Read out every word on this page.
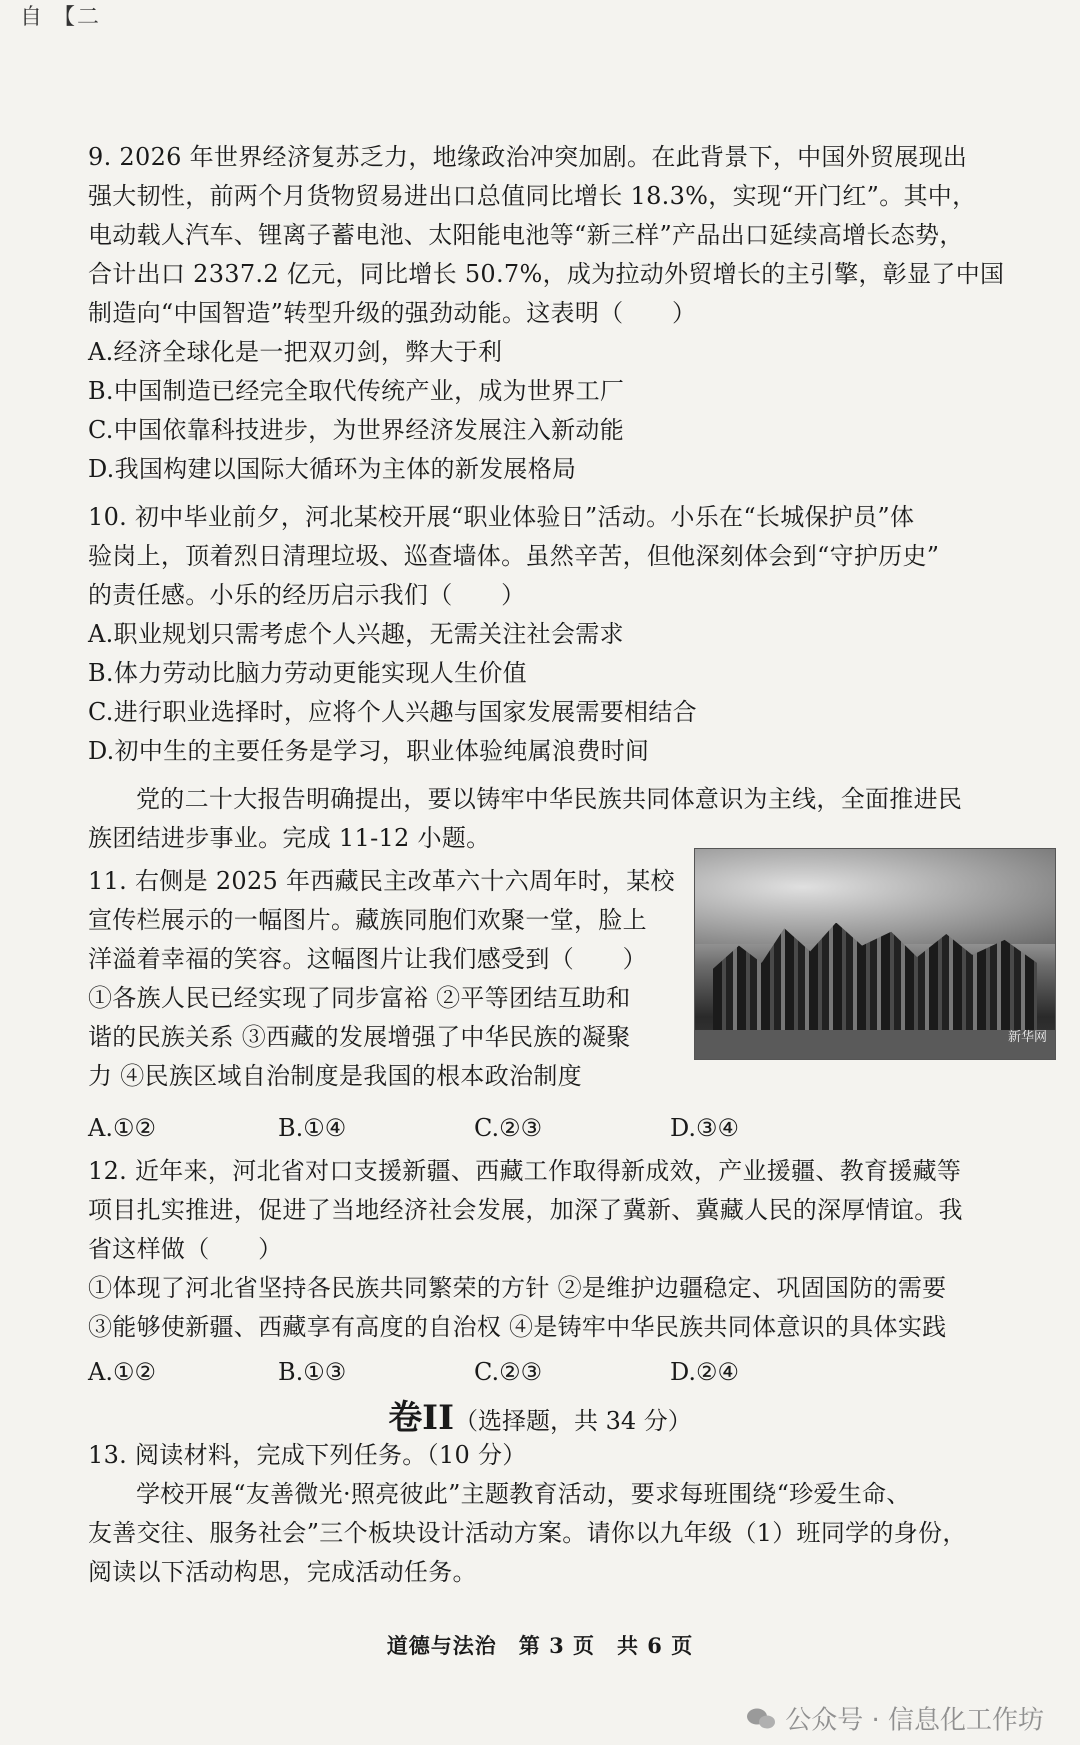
自 【二
9. 2026 年世界经济复苏乏力，地缘政治冲突加剧。在此背景下，中国外贸展现出
强大韧性，前两个月货物贸易进出口总值同比增长 18.3%，实现“开门红”。其中，
电动载人汽车、锂离子蓄电池、太阳能电池等“新三样”产品出口延续高增长态势，
合计出口 2337.2 亿元，同比增长 50.7%，成为拉动外贸增长的主引擎，彰显了中国
制造向“中国智造”转型升级的强劲动能。这表明（　　）
A.经济全球化是一把双刃剑，弊大于利
B.中国制造已经完全取代传统产业，成为世界工厂
C.中国依靠科技进步，为世界经济发展注入新动能
D.我国构建以国际大循环为主体的新发展格局
10. 初中毕业前夕，河北某校开展“职业体验日”活动。小乐在“长城保护员”体
验岗上，顶着烈日清理垃圾、巡查墙体。虽然辛苦，但他深刻体会到“守护历史”
的责任感。小乐的经历启示我们（　　）
A.职业规划只需考虑个人兴趣，无需关注社会需求
B.体力劳动比脑力劳动更能实现人生价值
C.进行职业选择时，应将个人兴趣与国家发展需要相结合
D.初中生的主要任务是学习，职业体验纯属浪费时间
党的二十大报告明确提出，要以铸牢中华民族共同体意识为主线，全面推进民
族团结进步事业。完成 11-12 小题。
11. 右侧是 2025 年西藏民主改革六十六周年时，某校
宣传栏展示的一幅图片。藏族同胞们欢聚一堂，脸上
洋溢着幸福的笑容。这幅图片让我们感受到（　　）
①各族人民已经实现了同步富裕 ②平等团结互助和
谐的民族关系 ③西藏的发展增强了中华民族的凝聚
力 ④民族区域自治制度是我国的根本政治制度
A.①②	B.①④	C.②③	D.③④
新华网
12. 近年来，河北省对口支援新疆、西藏工作取得新成效，产业援疆、教育援藏等
项目扎实推进，促进了当地经济社会发展，加深了冀新、冀藏人民的深厚情谊。我
省这样做（　　）
①体现了河北省坚持各民族共同繁荣的方针 ②是维护边疆稳定、巩固国防的需要
③能够使新疆、西藏享有高度的自治权 ④是铸牢中华民族共同体意识的具体实践
A.①②	B.①③	C.②③	D.②④
卷II（选择题，共 34 分）
13. 阅读材料，完成下列任务。（10 分）
学校开展“友善微光·照亮彼此”主题教育活动，要求每班围绕“珍爱生命、
友善交往、服务社会”三个板块设计活动方案。请你以九年级（1）班同学的身份，
阅读以下活动构思，完成活动任务。
道德与法治　第 3 页　共 6 页
公众号 · 信息化工作坊
